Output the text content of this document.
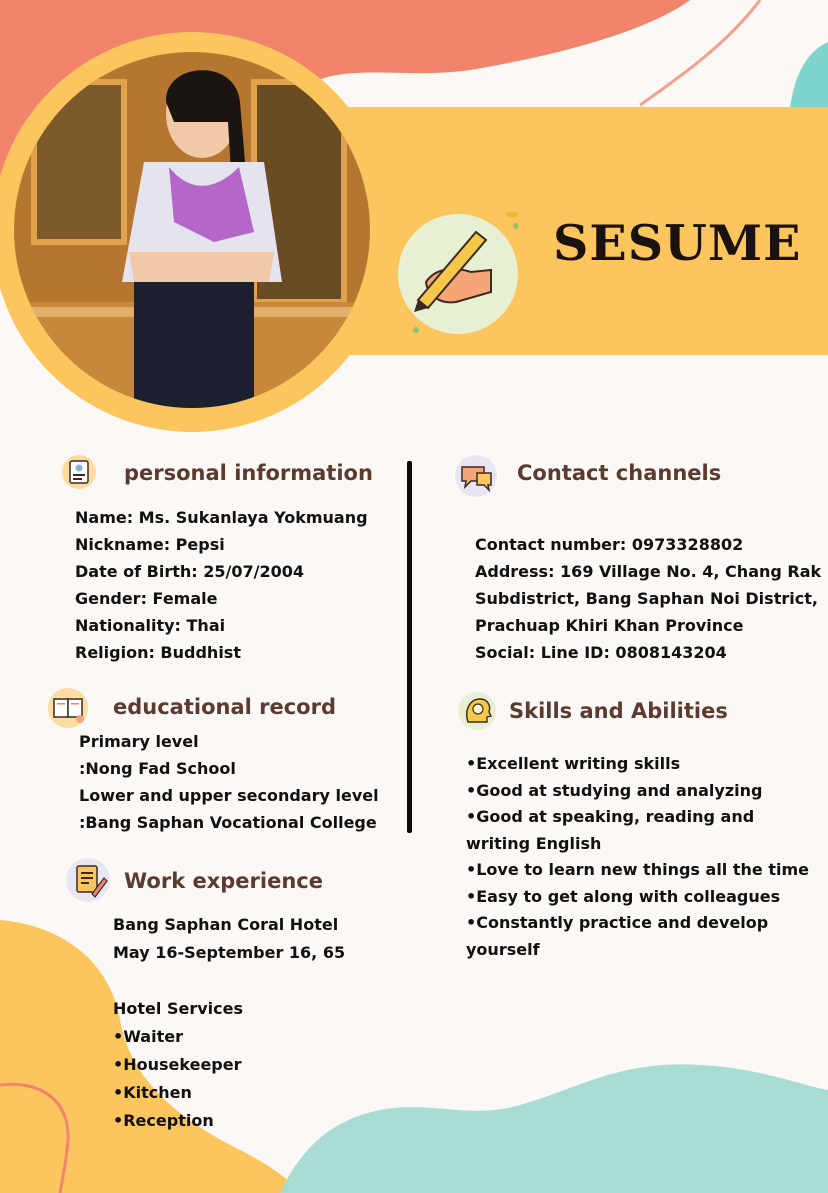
SESUME
personal information
Name: Ms. Sukanlaya Yokmuang
Nickname: Pepsi
Date of Birth: 25/07/2004
Gender: Female
Nationality: Thai
Religion: Buddhist
educational record
Primary level
:Nong Fad School
Lower and upper secondary level
:Bang Saphan Vocational College
Work experience
Bang Saphan Coral Hotel
May 16-September 16, 65
Hotel Services
•Waiter
•Housekeeper
•Kitchen
•Reception
Contact channels
Contact number: 0973328802
Address: 169 Village No. 4, Chang Rak
Subdistrict, Bang Saphan Noi District,
Prachuap Khiri Khan Province
Social: Line ID: 0808143204
Skills and Abilities
•Excellent writing skills
•Good at studying and analyzing
•Good at speaking, reading and writing English
•Love to learn new things all the time
•Easy to get along with colleagues
•Constantly practice and develop yourself
